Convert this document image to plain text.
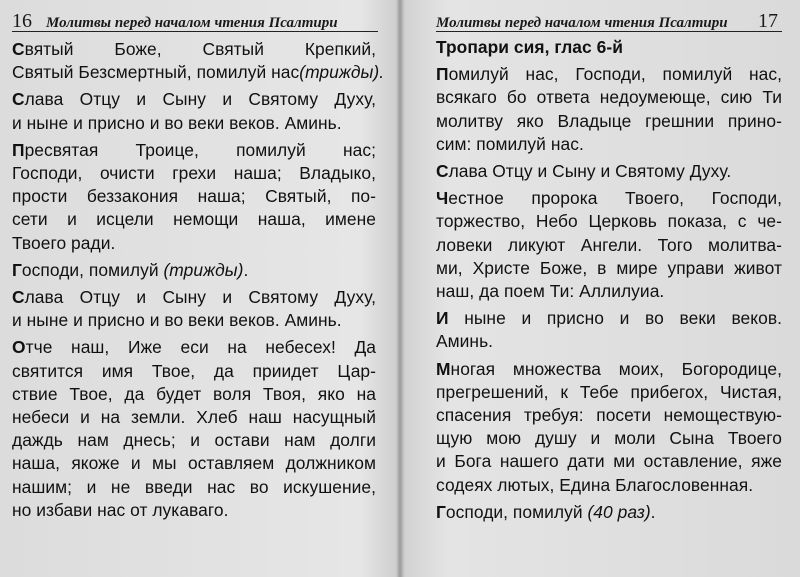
16 Молитвы перед началом чтения Псалтири
Святый Боже, Святый Крепкий,
Святый Безсмертный, помилуй нас(трижды).
Слава Отцу и Сыну и Святому Духу,
и ныне и присно и во веки веков. Аминь.
Пресвятая Троице, помилуй нас;
Господи, очисти грехи наша; Владыко,
прости беззакония наша; Святый, по-
сети и исцели немощи наша, имене
Твоего ради.
Господи, помилуй (трижды).
Слава Отцу и Сыну и Святому Духу,
и ныне и присно и во веки веков. Аминь.
Отче наш, Иже еси на небесех! Да
святится имя Твое, да приидет Цар-
ствие Твое, да будет воля Твоя, яко на
небеси и на земли. Хлеб наш насущный
даждь нам днесь; и остави нам долги
наша, якоже и мы оставляем должником
нашим; и не введи нас во искушение,
но избави нас от лукаваго.
Молитвы перед началом чтения Псалтири 17
Тропари сия, глас 6-й
Помилуй нас, Господи, помилуй нас,
всякаго бо ответа недоумеюще, сию Ти
молитву яко Владыце грешнии прино-
сим: помилуй нас.
Слава Отцу и Сыну и Святому Духу.
Честное пророка Твоего, Господи,
торжество, Небо Церковь показа, с че-
ловеки ликуют Ангели. Того молитва-
ми, Христе Боже, в мире управи живот
наш, да поем Ти: Аллилуиа.
И ныне и присно и во веки веков.
Аминь.
Многая множества моих, Богородице,
прегрешений, к Тебе прибегох, Чистая,
спасения требуя: посети немоществую-
щую мою душу и моли Сына Твоего
и Бога нашего дати ми оставление, яже
содеях лютых, Едина Благословенная.
Господи, помилуй (40 раз).
